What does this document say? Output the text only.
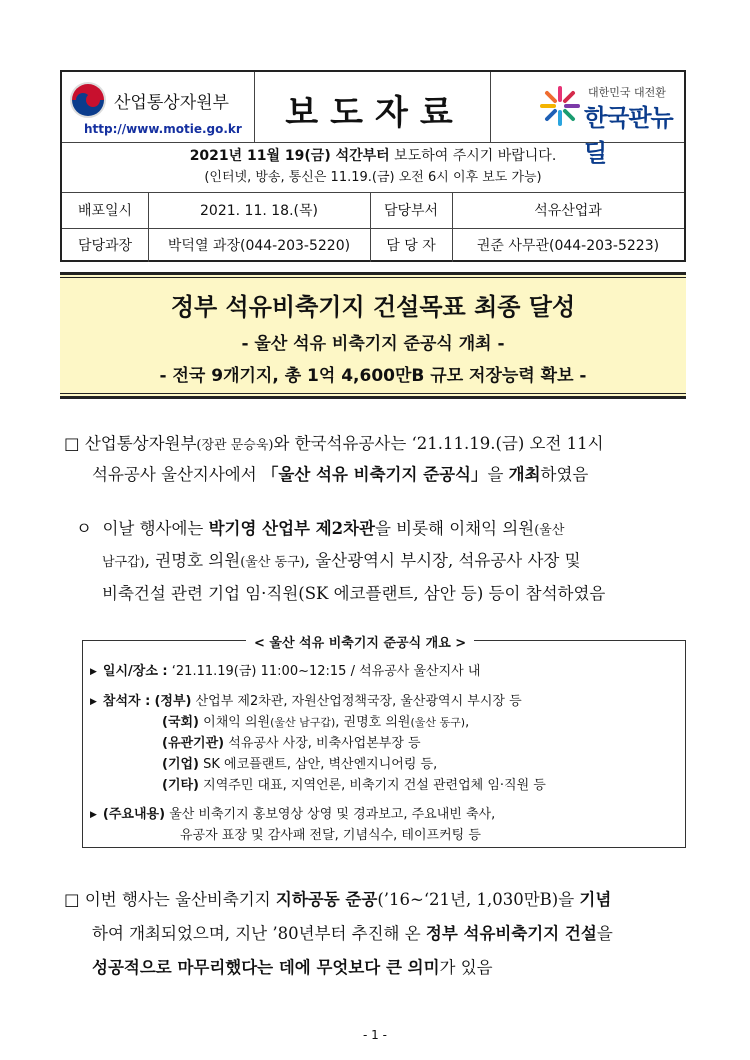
산업통상자원부
http://www.motie.go.kr	보도자료	대한민국 대전환
한국판뉴딜
2021년 11월 19(금) 석간부터 보도하여 주시기 바랍니다.
(인터넷, 방송, 통신은 11.19.(금) 오전 6시 이후 보도 가능)
배포일시	2021. 11. 18.(목)	담당부서	석유산업과
담당과장	박덕열 과장(044-203-5220)	담 당 자	권준 사무관(044-203-5223)
정부 석유비축기지 건설목표 최종 달성
- 울산 석유 비축기지 준공식 개최 -
- 전국 9개기지, 총 1억 4,600만B 규모 저장능력 확보 -
□ 산업통상자원부(장관 문승욱)와 한국석유공사는 ‘21.11.19.(금) 오전 11시
석유공사 울산지사에서 「울산 석유 비축기지 준공식」을 개최하였음
ㅇ 이날 행사에는 박기영 산업부 제2차관을 비롯해 이채익 의원(울산
남구갑), 권명호 의원(울산 동구), 울산광역시 부시장, 석유공사 사장 및
비축건설 관련 기업 임·직원(SK 에코플랜트, 삼안 등) 등이 참석하였음
< 울산 석유 비축기지 준공식 개요 >
▶ 일시/장소 : ‘21.11.19(금) 11:00~12:15 / 석유공사 울산지사 내
▶ 참석자 : (정부) 산업부 제2차관, 자원산업정책국장, 울산광역시 부시장 등
(국회) 이채익 의원(울산 남구갑), 권명호 의원(울산 동구),
(유관기관) 석유공사 사장, 비축사업본부장 등
(기업) SK 에코플랜트, 삼안, 벽산엔지니어링 등,
(기타) 지역주민 대표, 지역언론, 비축기지 건설 관련업체 임·직원 등
▶ (주요내용) 울산 비축기지 홍보영상 상영 및 경과보고, 주요내빈 축사,
유공자 표장 및 감사패 전달, 기념식수, 테이프커팅 등
□ 이번 행사는 울산비축기지 지하공동 준공(’16~‘21년, 1,030만B)을 기념
하여 개최되었으며, 지난 ’80년부터 추진해 온 정부 석유비축기지 건설을
성공적으로 마무리했다는 데에 무엇보다 큰 의미가 있음
- 1 -
